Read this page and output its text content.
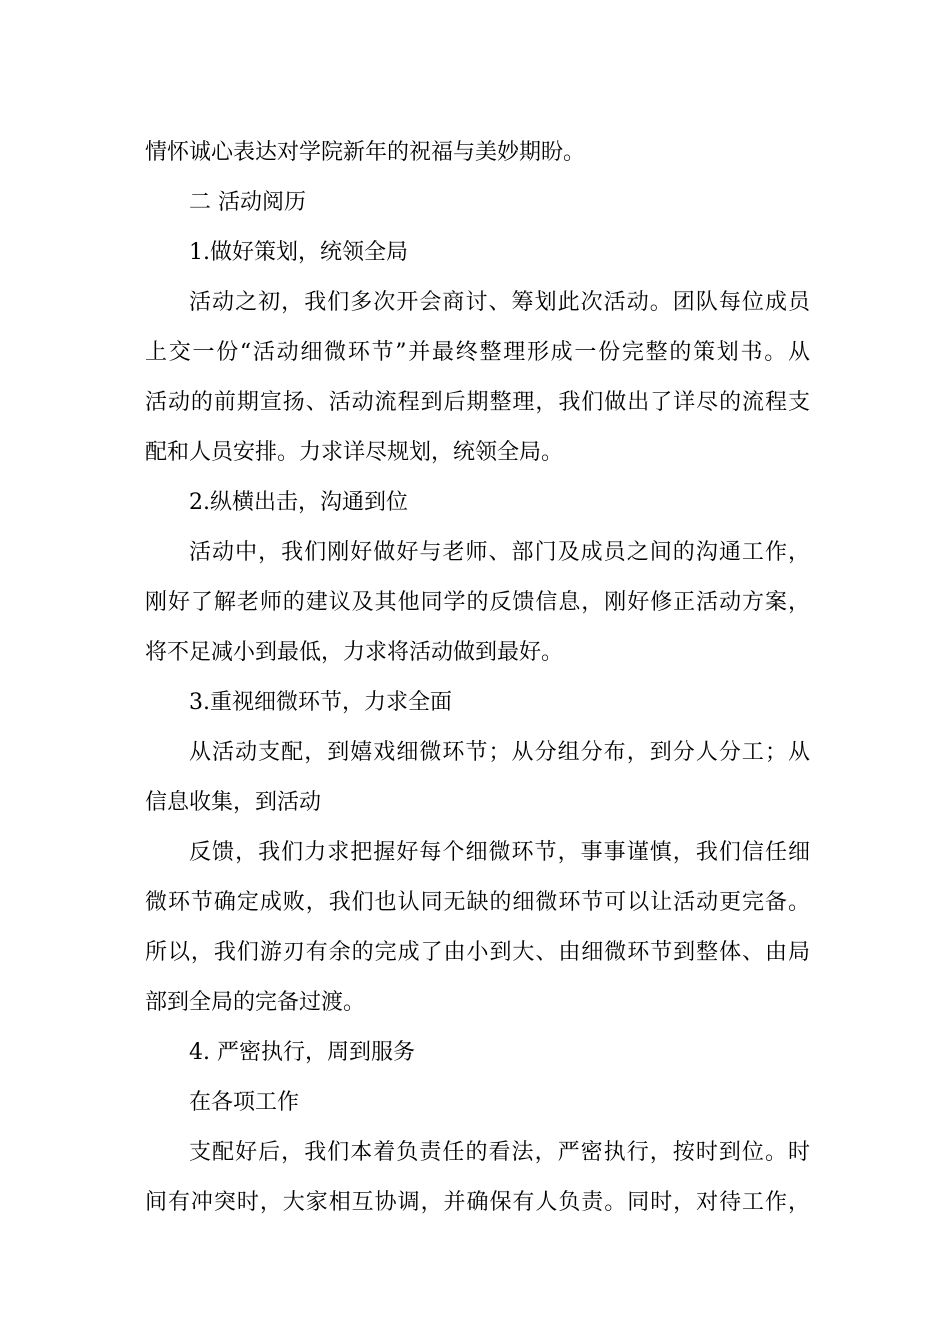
情怀诚心表达对学院新年的祝福与美妙期盼。
二 活动阅历
1.做好策划，统领全局
活动之初，我们多次开会商讨、筹划此次活动。团队每位成员
上交一份“活动细微环节”并最终整理形成一份完整的策划书。从
活动的前期宣扬、活动流程到后期整理，我们做出了详尽的流程支
配和人员安排。力求详尽规划，统领全局。
2.纵横出击，沟通到位
活动中，我们刚好做好与老师、部门及成员之间的沟通工作，
刚好了解老师的建议及其他同学的反馈信息，刚好修正活动方案，
将不足减小到最低，力求将活动做到最好。
3.重视细微环节，力求全面
从活动支配，到嬉戏细微环节；从分组分布，到分人分工；从
信息收集，到活动
反馈，我们力求把握好每个细微环节，事事谨慎，我们信任细
微环节确定成败，我们也认同无缺的细微环节可以让活动更完备。
所以，我们游刃有余的完成了由小到大、由细微环节到整体、由局
部到全局的完备过渡。
4. 严密执行，周到服务
在各项工作
支配好后，我们本着负责任的看法，严密执行，按时到位。时
间有冲突时，大家相互协调，并确保有人负责。同时，对待工作，
